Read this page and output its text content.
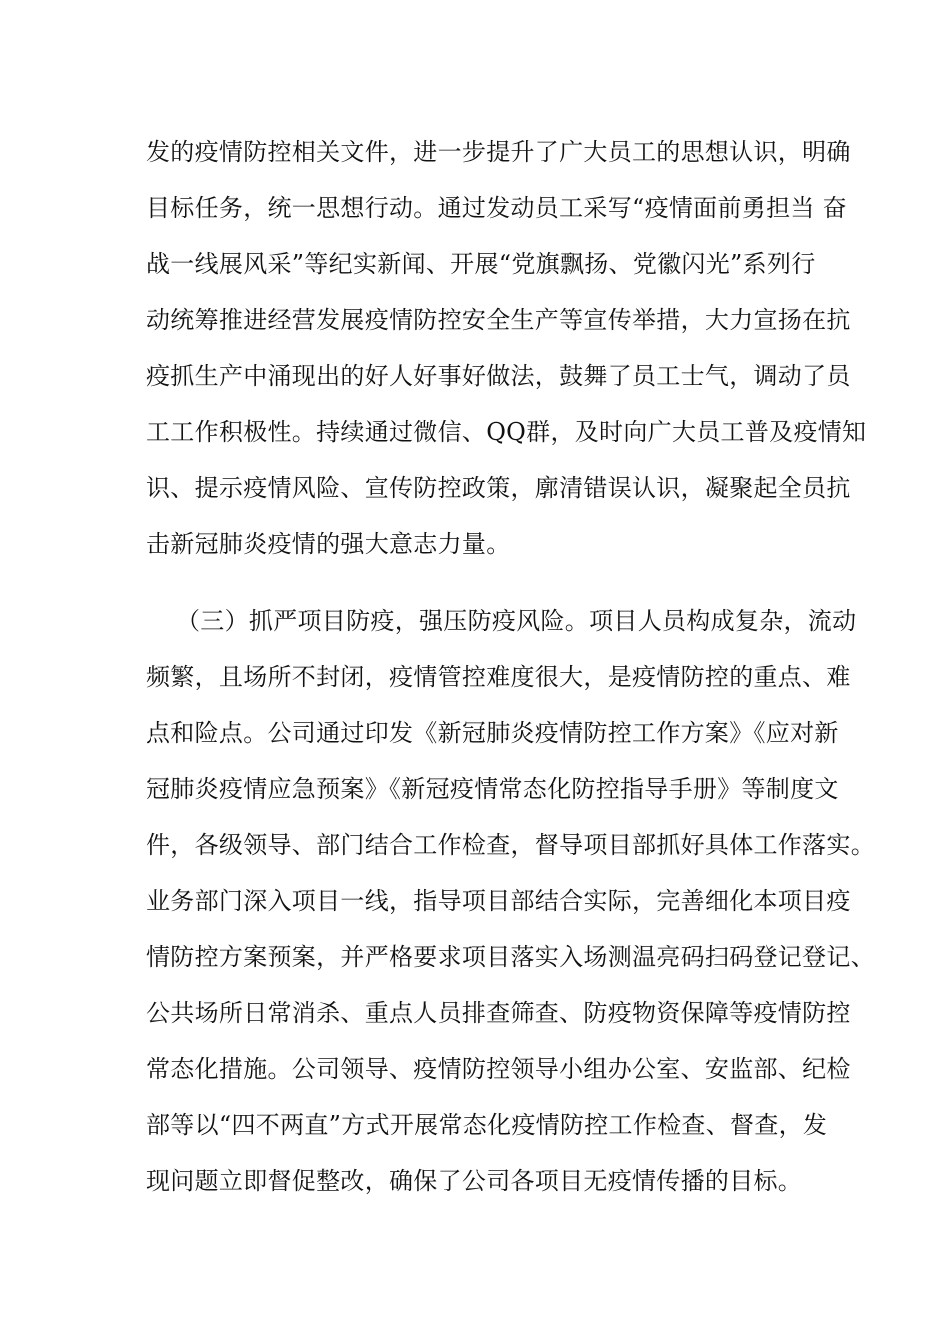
发的疫情防控相关文件，进一步提升了广大员工的思想认识，明确
目标任务，统一思想行动。通过发动员工采写“疫情面前勇担当 奋
战一线展风采”等纪实新闻、开展“党旗飘扬、党徽闪光”系列行
动统筹推进经营发展疫情防控安全生产等宣传举措，大力宣扬在抗
疫抓生产中涌现出的好人好事好做法，鼓舞了员工士气，调动了员
工工作积极性。持续通过微信、QQ群，及时向广大员工普及疫情知
识、提示疫情风险、宣传防控政策，廓清错误认识，凝聚起全员抗
击新冠肺炎疫情的强大意志力量。
（三）抓严项目防疫，强压防疫风险。项目人员构成复杂，流动
频繁，且场所不封闭，疫情管控难度很大，是疫情防控的重点、难
点和险点。公司通过印发《新冠肺炎疫情防控工作方案》《应对新
冠肺炎疫情应急预案》《新冠疫情常态化防控指导手册》等制度文
件，各级领导、部门结合工作检查，督导项目部抓好具体工作落实。
业务部门深入项目一线，指导项目部结合实际，完善细化本项目疫
情防控方案预案，并严格要求项目落实入场测温亮码扫码登记登记、
公共场所日常消杀、重点人员排查筛查、防疫物资保障等疫情防控
常态化措施。公司领导、疫情防控领导小组办公室、安监部、纪检
部等以“四不两直”方式开展常态化疫情防控工作检查、督查，发
现问题立即督促整改，确保了公司各项目无疫情传播的目标。
